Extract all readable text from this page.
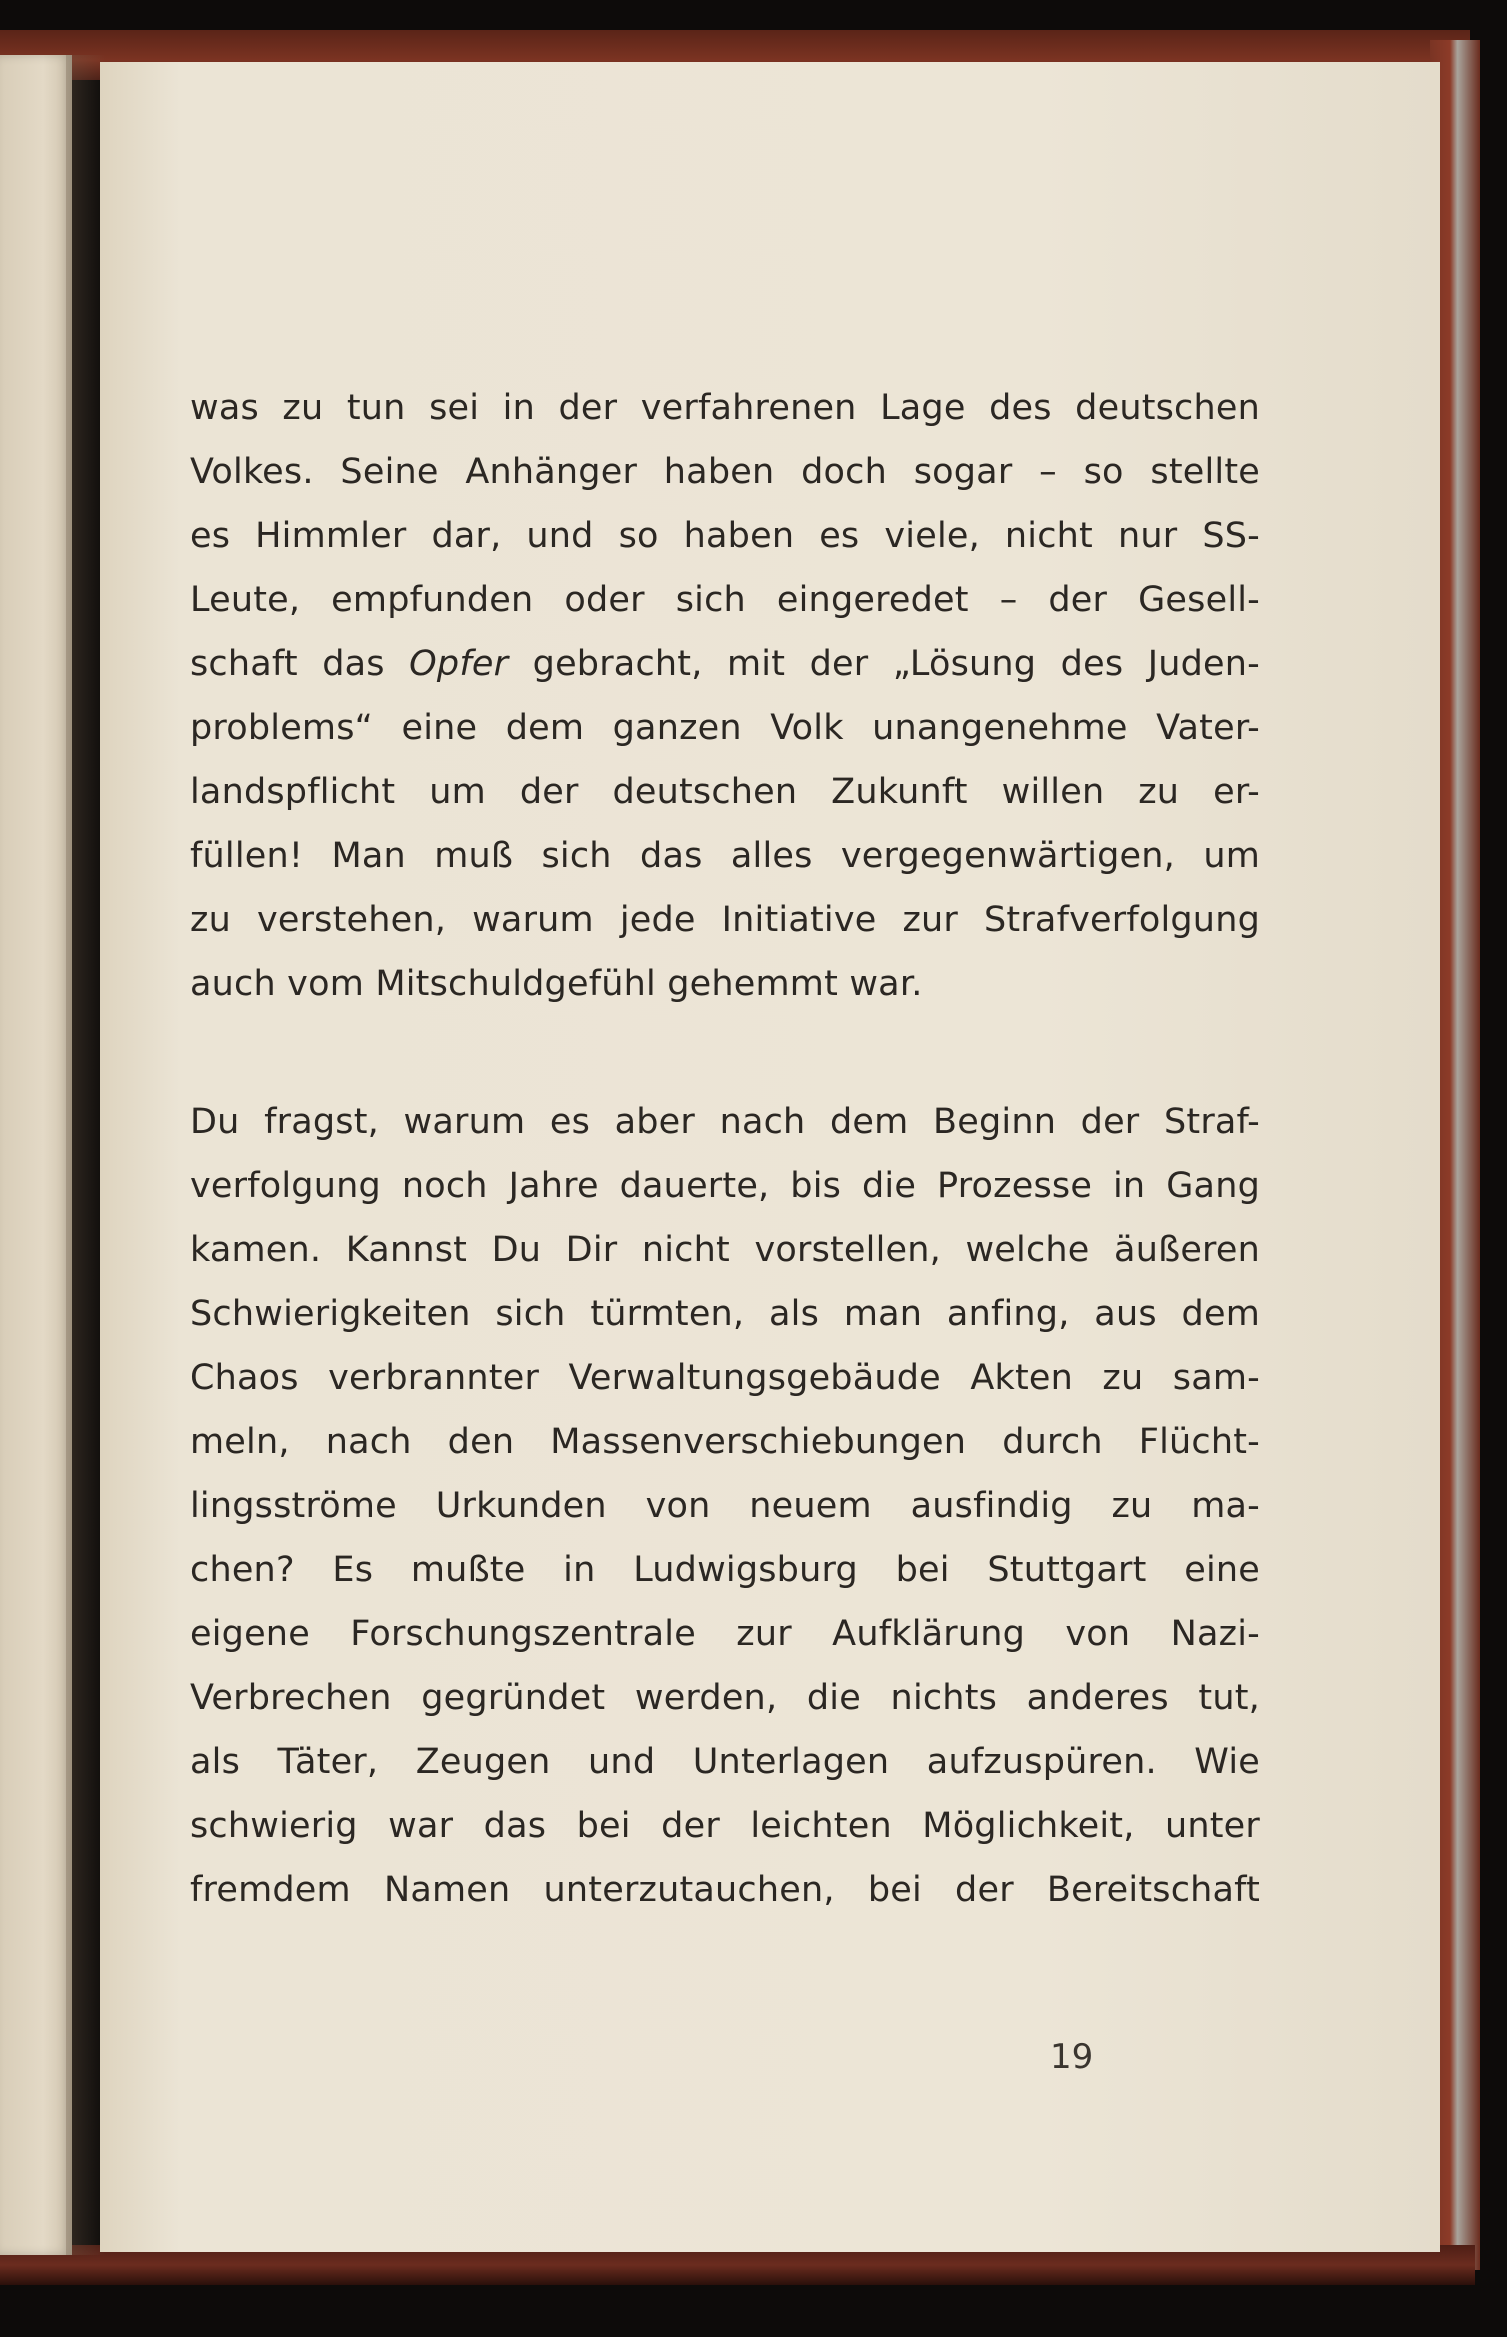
was zu tun sei in der verfahrenen Lage des deutschen
Volkes. Seine Anhänger haben doch sogar – so stellte
es Himmler dar, und so haben es viele, nicht nur SS-
Leute, empfunden oder sich eingeredet – der Gesell-
schaft das Opfer gebracht, mit der „Lösung des Juden-
problems“ eine dem ganzen Volk unangenehme Vater-
landspflicht um der deutschen Zukunft willen zu er-
füllen! Man muß sich das alles vergegenwärtigen, um
zu verstehen, warum jede Initiative zur Strafverfolgung
auch vom Mitschuldgefühl gehemmt war.
Du fragst, warum es aber nach dem Beginn der Straf-
verfolgung noch Jahre dauerte, bis die Prozesse in Gang
kamen. Kannst Du Dir nicht vorstellen, welche äußeren
Schwierigkeiten sich türmten, als man anfing, aus dem
Chaos verbrannter Verwaltungsgebäude Akten zu sam-
meln, nach den Massenverschiebungen durch Flücht-
lingsströme Urkunden von neuem ausfindig zu ma-
chen? Es mußte in Ludwigsburg bei Stuttgart eine
eigene Forschungszentrale zur Aufklärung von Nazi-
Verbrechen gegründet werden, die nichts anderes tut,
als Täter, Zeugen und Unterlagen aufzuspüren. Wie
schwierig war das bei der leichten Möglichkeit, unter
fremdem Namen unterzutauchen, bei der Bereitschaft
19
